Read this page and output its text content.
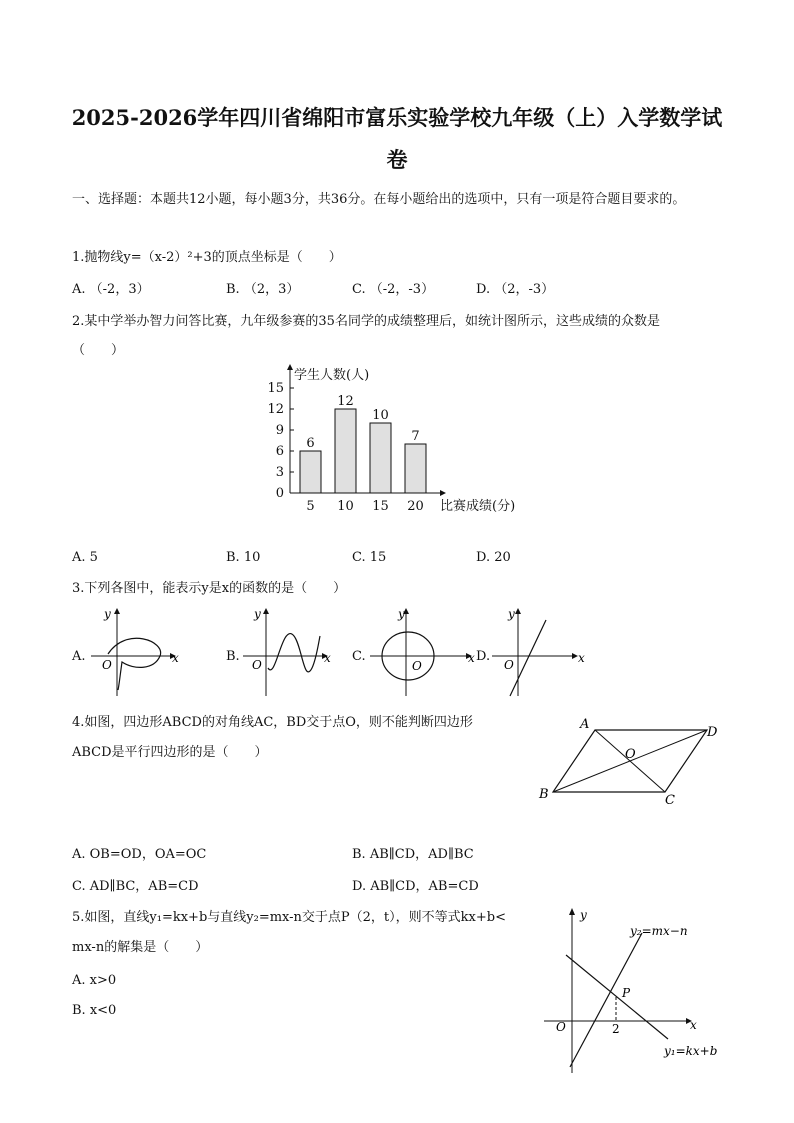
2025-2026学年四川省绵阳市富乐实验学校九年级（上）入学数学试
卷
一、选择题：本题共12小题，每小题3分，共36分。在每小题给出的选项中，只有一项是符合题目要求的。
1.抛物线y=（x-2）²+3的顶点坐标是（　　）
A. （-2，3）	B. （2，3）	C. （-2，-3）	D. （2，-3）
2.某中学举办智力问答比赛，九年级参赛的35名同学的成绩整理后，如统计图所示，这些成绩的众数是
（　　）
0
3
6
9
12
15
6
5
12
10
10
15
7
20
学生人数(人)
比赛成绩(分)
A. 5	B. 10	C. 15	D. 20
3.下列各图中，能表示y是x的函数的是（　　）
A.
y
x
O
B.
y
x
O
C.
y
x
O
D.
y
x
O
4.如图，四边形ABCD的对角线AC，BD交于点O，则不能判断四边形
ABCD是平行四边形的是（　　）
A
B	C
D
O
A. OB=OD，OA=OC	B. AB∥CD，AD∥BC
C. AD∥BC，AB=CD	D. AB∥CD，AB=CD
5.如图，直线y₁=kx+b与直线y₂=mx-n交于点P（2，t），则不等式kx+b<
mx-n的解集是（　　）
A. x>0
B. x<0
y
x
O	2
P
y₂=mx−n
y₁=kx+b
